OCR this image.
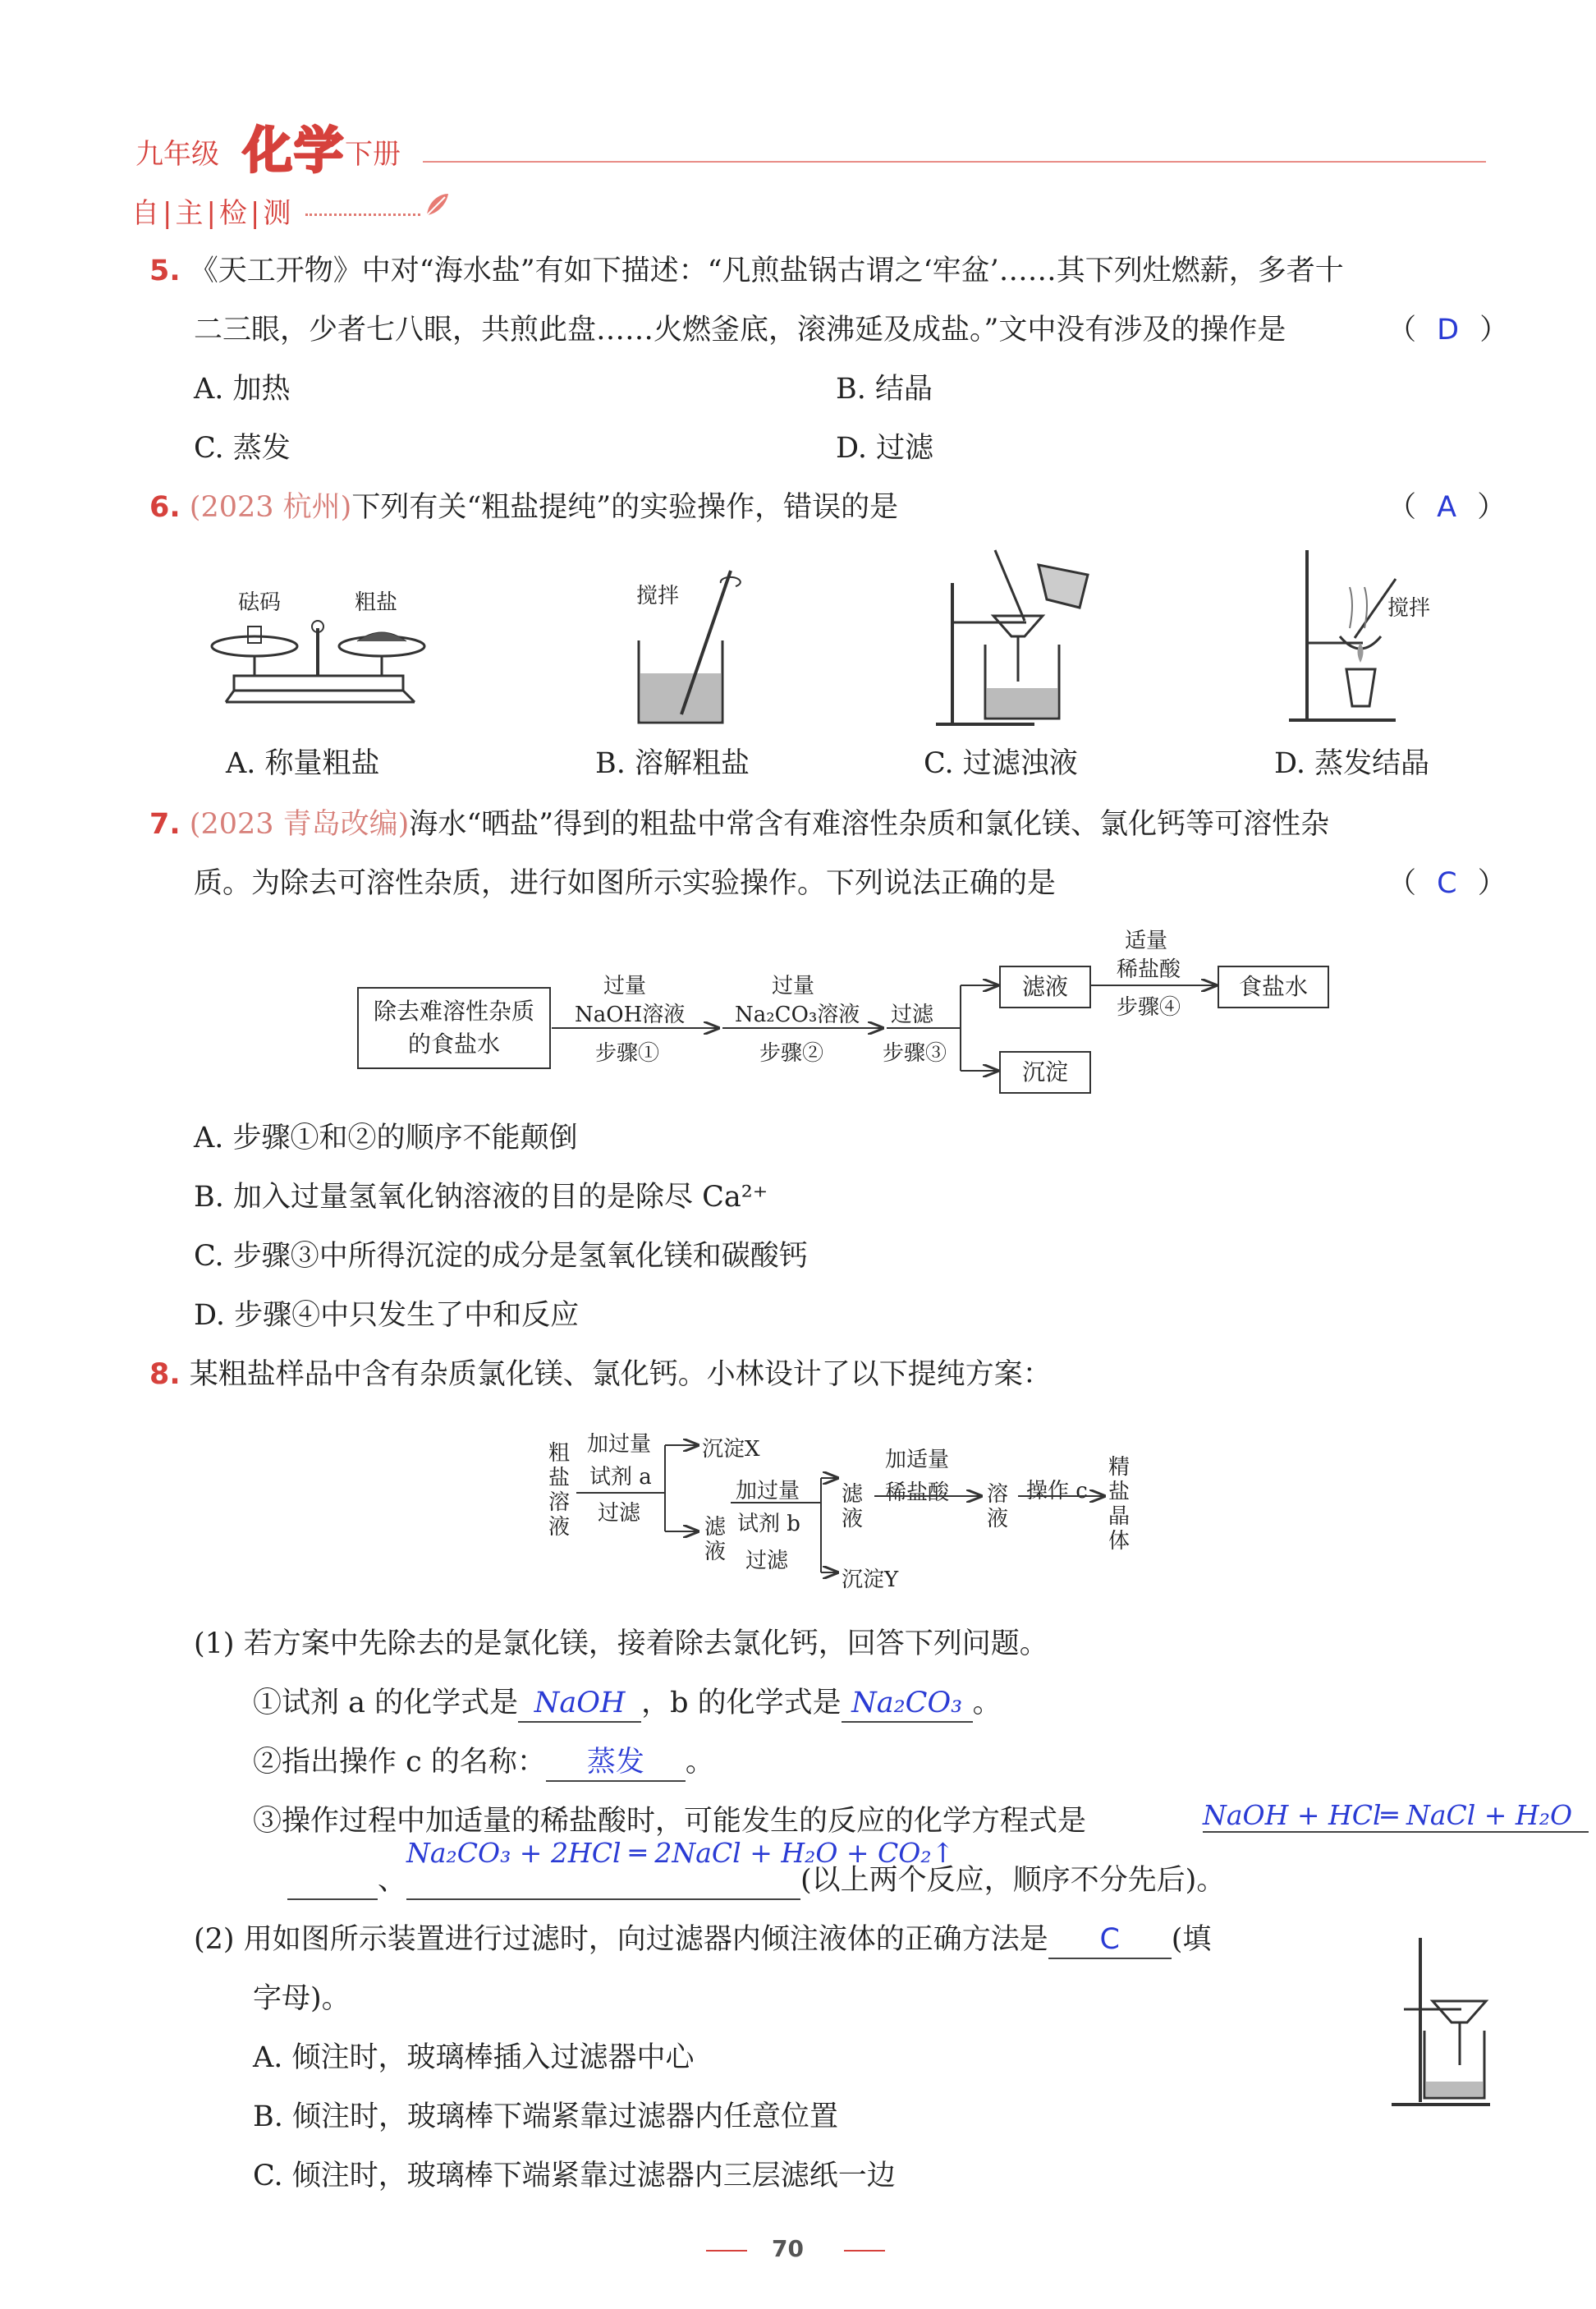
九年级 化学 下册
自|主|检|测
5. 《天工开物》中对“海水盐”有如下描述：“凡煎盐锅古谓之‘牢盆’……其下列灶燃薪，多者十
二三眼，少者七八眼，共煎此盘……火燃釜底，滚沸延及成盐。”文中没有涉及的操作是	（ D ）
A. 加热	B. 结晶
C. 蒸发	D. 过滤
6. (2023 杭州)下列有关“粗盐提纯”的实验操作，错误的是	（ A ）
砝码	粗盐	搅拌	搅拌
A. 称量粗盐	B. 溶解粗盐	C. 过滤浊液	D. 蒸发结晶
7. (2023 青岛改编)海水“晒盐”得到的粗盐中常含有难溶性杂质和氯化镁、氯化钙等可溶性杂
质。为除去可溶性杂质，进行如图所示实验操作。下列说法正确的是	（ C ）
除去难溶性杂质
的食盐水
过量
NaOH溶液
步骤①
过量
Na₂CO₃溶液
步骤②
过滤
步骤③
滤液
沉淀
适量
稀盐酸
步骤④
食盐水
A. 步骤①和②的顺序不能颠倒
B. 加入过量氢氧化钠溶液的目的是除尽 Ca²⁺
C. 步骤③中所得沉淀的成分是氢氧化镁和碳酸钙
D. 步骤④中只发生了中和反应
8. 某粗盐样品中含有杂质氯化镁、氯化钙。小林设计了以下提纯方案：
粗盐溶液
加过量
试剂 a
过滤
沉淀X
滤液
加过量
试剂 b
过滤
滤液
沉淀Y
加适量
稀盐酸 溶液
操作 c
精盐晶体
(1) 若方案中先除去的是氯化镁，接着除去氯化钙，回答下列问题。
①试剂 a 的化学式是 NaOH ，b 的化学式是 Na₂CO₃ 。
②指出操作 c 的名称： 蒸发 。
③操作过程中加适量的稀盐酸时，可能发生的反应的化学方程式是	NaOH + HCl═ NaCl + H₂O
Na₂CO₃ + 2HCl ═ 2NaCl + H₂O + CO₂↑
、	(以上两个反应，顺序不分先后)。
(2) 用如图所示装置进行过滤时，向过滤器内倾注液体的正确方法是 C (填
字母)。
A. 倾注时，玻璃棒插入过滤器中心
B. 倾注时，玻璃棒下端紧靠过滤器内任意位置
C. 倾注时，玻璃棒下端紧靠过滤器内三层滤纸一边
70
